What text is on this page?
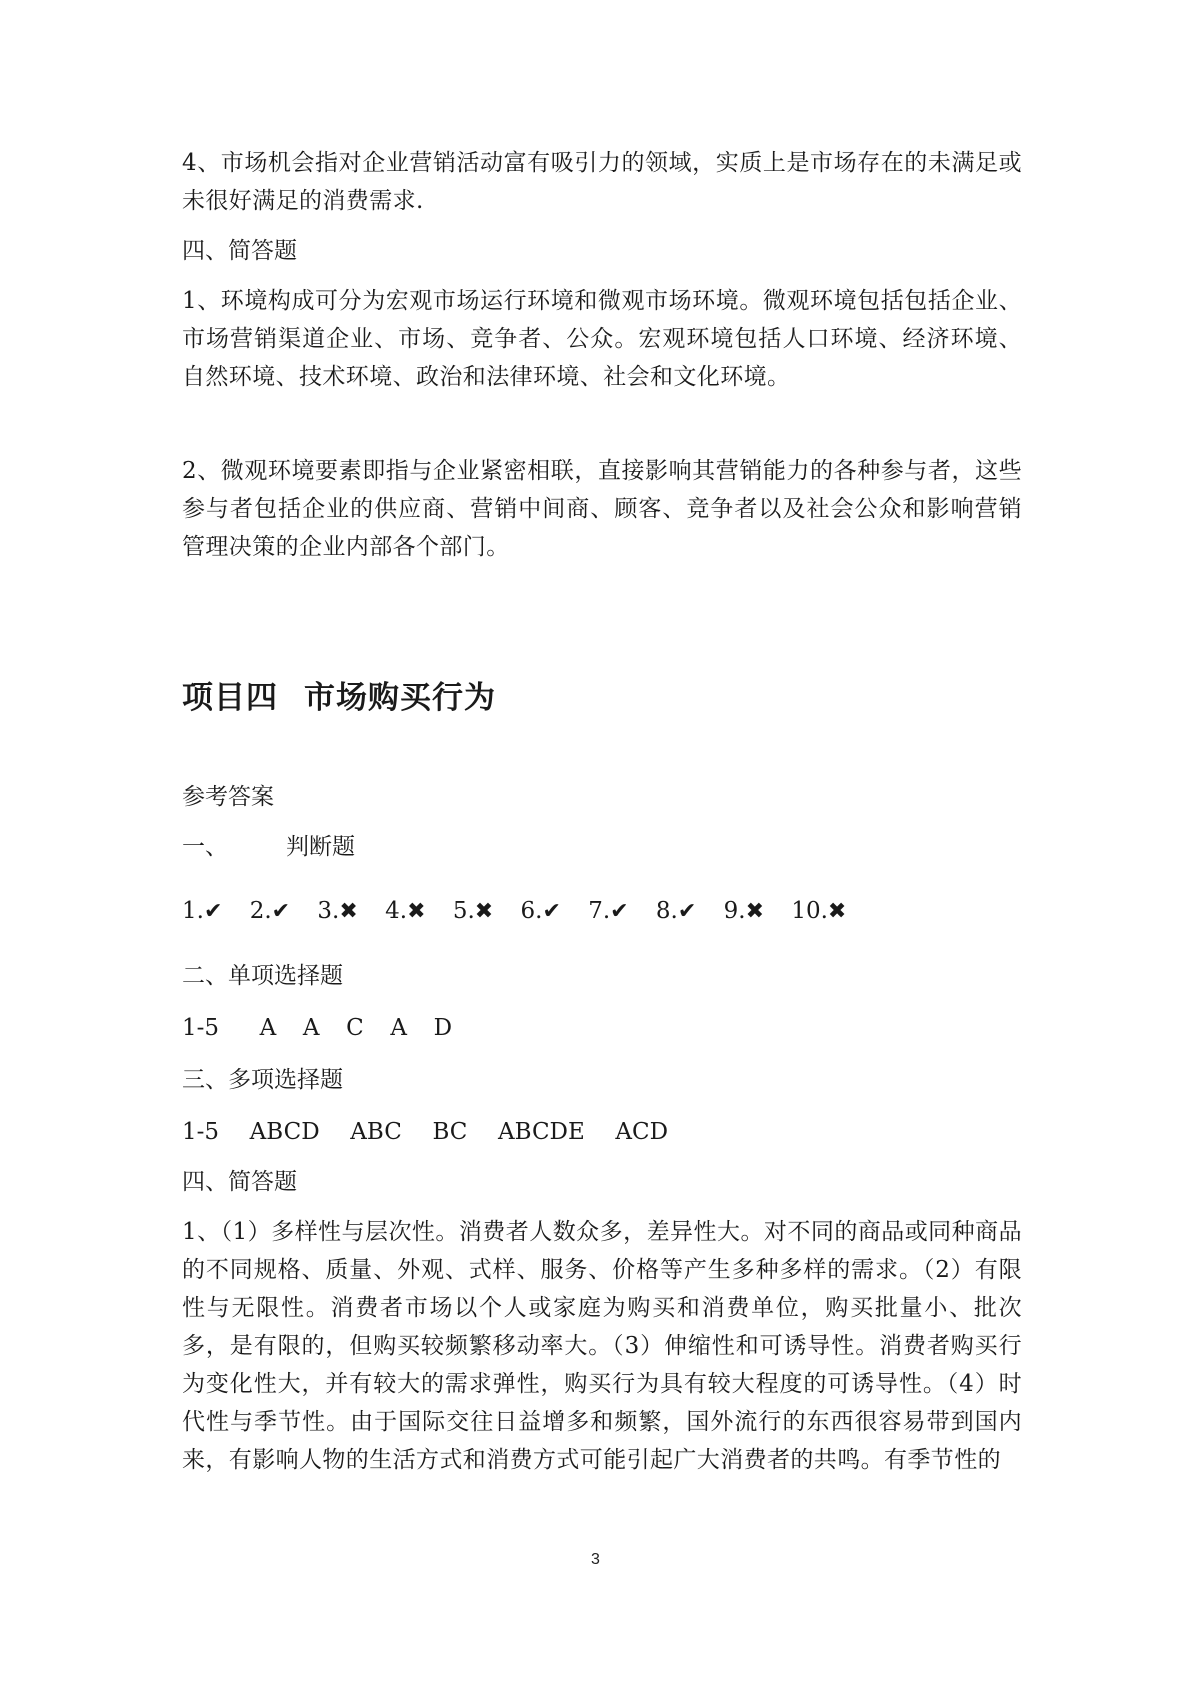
4、市场机会指对企业营销活动富有吸引力的领域，实质上是市场存在的未满足或未很好满足的消费需求.

四、简答题

1、环境构成可分为宏观市场运行环境和微观市场环境。微观环境包括包括企业、市场营销渠道企业、市场、竞争者、公众。宏观环境包括人口环境、经济环境、自然环境、技术环境、政治和法律环境、社会和文化环境。

2、微观环境要素即指与企业紧密相联，直接影响其营销能力的各种参与者，这些参与者包括企业的供应商、营销中间商、顾客、竞争者以及社会公众和影响营销管理决策的企业内部各个部门。

项目四 市场购买行为

参考答案

一、	判断题

1.✔ 2.✔ 3.✖ 4.✖ 5.✖ 6.✔ 7.✔ 8.✔ 9.✖ 10.✖

二、单项选择题

1-5 A A C A D

三、多项选择题

1-5 ABCD ABC BC ABCDE ACD

四、简答题

1、（1）多样性与层次性。消费者人数众多，差异性大。对不同的商品或同种商品的不同规格、质量、外观、式样、服务、价格等产生多种多样的需求。（2）有限性与无限性。消费者市场以个人或家庭为购买和消费单位，购买批量小、批次多，是有限的，但购买较频繁移动率大。（3）伸缩性和可诱导性。消费者购买行为变化性大，并有较大的需求弹性，购买行为具有较大程度的可诱导性。（4）时代性与季节性。由于国际交往日益增多和频繁，国外流行的东西很容易带到国内来，有影响人物的生活方式和消费方式可能引起广大消费者的共鸣。有季节性的

3
